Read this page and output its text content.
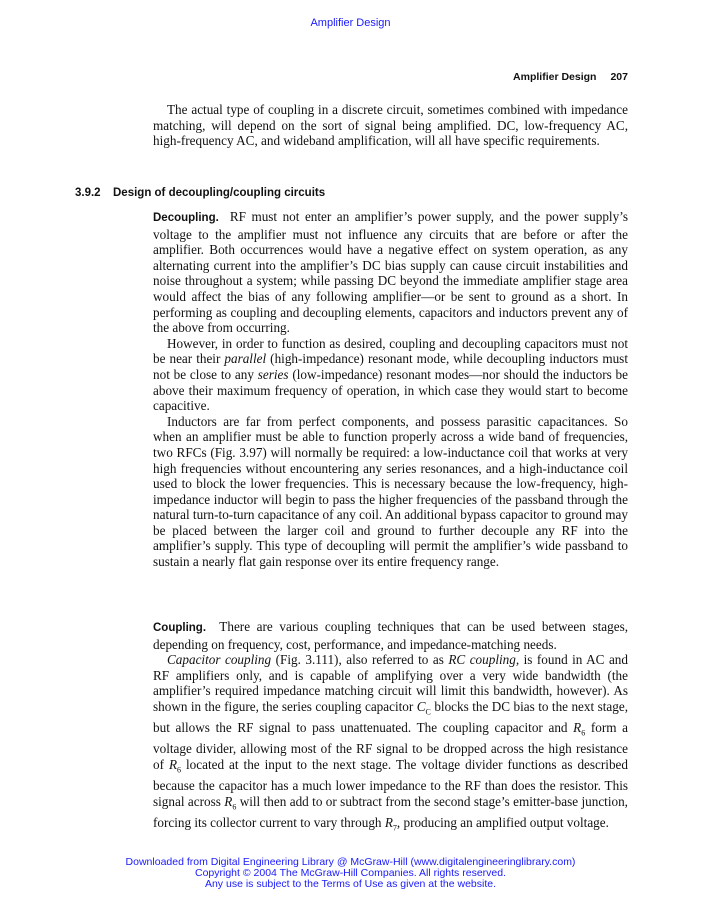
Amplifier Design
Amplifier Design 207

The actual type of coupling in a discrete circuit, sometimes combined with impedance matching, will depend on the sort of signal being amplified. DC, low-frequency AC, high-frequency AC, and wideband amplification, will all have specific requirements.

3.9.2 Design of decoupling/coupling circuits

Decoupling. RF must not enter an amplifier’s power supply, and the power supply’s voltage to the amplifier must not influence any circuits that are before or after the amplifier. Both occurrences would have a negative effect on system operation, as any alternating current into the amplifier’s DC bias supply can cause circuit instabilities and noise throughout a system; while passing DC beyond the immediate amplifier stage area would affect the bias of any following amplifier—or be sent to ground as a short. In performing as coupling and decoupling elements, capacitors and inductors prevent any of the above from occurring.

However, in order to function as desired, coupling and decoupling capacitors must not be near their parallel (high-impedance) resonant mode, while decoupling inductors must not be close to any series (low-impedance) resonant modes—nor should the inductors be above their maximum frequency of operation, in which case they would start to become capacitive.

Inductors are far from perfect components, and possess parasitic capacitances. So when an amplifier must be able to function properly across a wide band of frequencies, two RFCs (Fig. 3.97) will normally be required: a low-inductance coil that works at very high frequencies without encountering any series resonances, and a high-inductance coil used to block the lower frequencies. This is necessary because the low-frequency, high-impedance inductor will begin to pass the higher frequencies of the passband through the natural turn-to-turn capacitance of any coil. An additional bypass capacitor to ground may be placed between the larger coil and ground to further decouple any RF into the amplifier’s supply. This type of decoupling will permit the amplifier’s wide passband to sustain a nearly flat gain response over its entire frequency range.

Coupling. There are various coupling techniques that can be used between stages, depending on frequency, cost, performance, and impedance-matching needs.

Capacitor coupling (Fig. 3.111), also referred to as RC coupling, is found in AC and RF amplifiers only, and is capable of amplifying over a very wide bandwidth (the amplifier’s required impedance matching circuit will limit this bandwidth, however). As shown in the figure, the series coupling capacitor $C_C$ blocks the DC bias to the next stage, but allows the RF signal to pass unattenuated. The coupling capacitor and $R_6$ form a voltage divider, allowing most of the RF signal to be dropped across the high resistance of $R_6$ located at the input to the next stage. The voltage divider functions as described because the capacitor has a much lower impedance to the RF than does the resistor. This signal across $R_6$ will then add to or subtract from the second stage’s emitter-base junction, forcing its collector current to vary through $R_7$, producing an amplified output voltage.

Downloaded from Digital Engineering Library @ McGraw-Hill (www.digitalengineeringlibrary.com)
Copyright © 2004 The McGraw-Hill Companies. All rights reserved.
Any use is subject to the Terms of Use as given at the website.
